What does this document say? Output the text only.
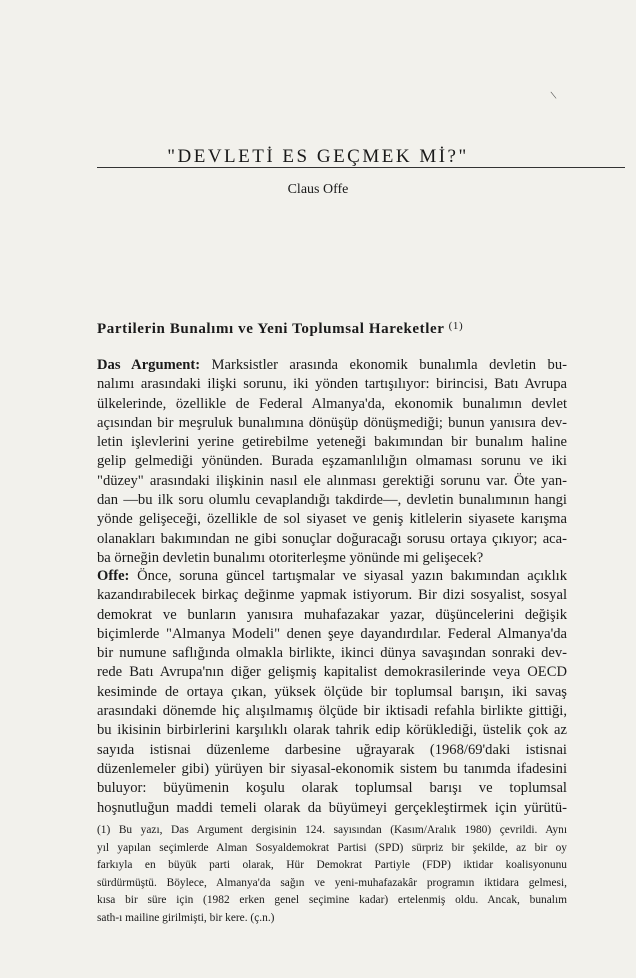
\
"DEVLETİ ES GEÇMEK Mİ?"
Claus Offe
Partilerin Bunalımı ve Yeni Toplumsal Hareketler $^{(1)}$
Das Argument: Marksistler arasında ekonomik bunalımla devletin bu-
nalımı arasındaki ilişki sorunu, iki yönden tartışılıyor: birincisi, Batı Avrupa
ülkelerinde, özellikle de Federal Almanya'da, ekonomik bunalımın devlet
açısından bir meşruluk bunalımına dönüşüp dönüşmediği; bunun yanısıra dev-
letin işlevlerini yerine getirebilme yeteneği bakımından bir bunalım haline
gelip gelmediği yönünden. Burada eşzamanlılığın olmaması sorunu ve iki
"düzey" arasındaki ilişkinin nasıl ele alınması gerektiği sorunu var. Öte yan-
dan —bu ilk soru olumlu cevaplandığı takdirde—, devletin bunalımının hangi
yönde gelişeceği, özellikle de sol siyaset ve geniş kitlelerin siyasete karışma
olanakları bakımından ne gibi sonuçlar doğuracağı sorusu ortaya çıkıyor; aca-
ba örneğin devletin bunalımı otoriterleşme yönünde mi gelişecek?
Offe: Önce, soruna güncel tartışmalar ve siyasal yazın bakımından açıklık
kazandırabilecek birkaç değinme yapmak istiyorum. Bir dizi sosyalist, sosyal
demokrat ve bunların yanısıra muhafazakar yazar, düşüncelerini değişik
biçimlerde "Almanya Modeli" denen şeye dayandırdılar. Federal Almanya'da
bir numune saflığında olmakla birlikte, ikinci dünya savaşından sonraki dev-
rede Batı Avrupa'nın diğer gelişmiş kapitalist demokrasilerinde veya OECD
kesiminde de ortaya çıkan, yüksek ölçüde bir toplumsal barışın, iki savaş
arasındaki dönemde hiç alışılmamış ölçüde bir iktisadi refahla birlikte gittiği,
bu ikisinin birbirlerini karşılıklı olarak tahrik edip körüklediği, üstelik çok az
sayıda istisnai düzenleme darbesine uğrayarak (1968/69'daki istisnai
düzenlemeler gibi) yürüyen bir siyasal-ekonomik sistem bu tanımda ifadesini
buluyor: büyümenin koşulu olarak toplumsal barışı ve toplumsal
hoşnutluğun maddi temeli olarak da büyümeyi gerçekleştirmek için yürütü-
(1) Bu yazı, Das Argument dergisinin 124. sayısından (Kasım/Aralık 1980) çevrildi. Aynı
yıl yapılan seçimlerde Alman Sosyaldemokrat Partisi (SPD) sürpriz bir şekilde, az bir oy
farkıyla en büyük parti olarak, Hür Demokrat Partiyle (FDP) iktidar koalisyonunu
sürdürmüştü. Böylece, Almanya'da sağın ve yeni-muhafazakâr programın iktidara gelmesi,
kısa bir süre için (1982 erken genel seçimine kadar) ertelenmiş oldu. Ancak, bunalım
sath-ı mailine girilmişti, bir kere. (ç.n.)
